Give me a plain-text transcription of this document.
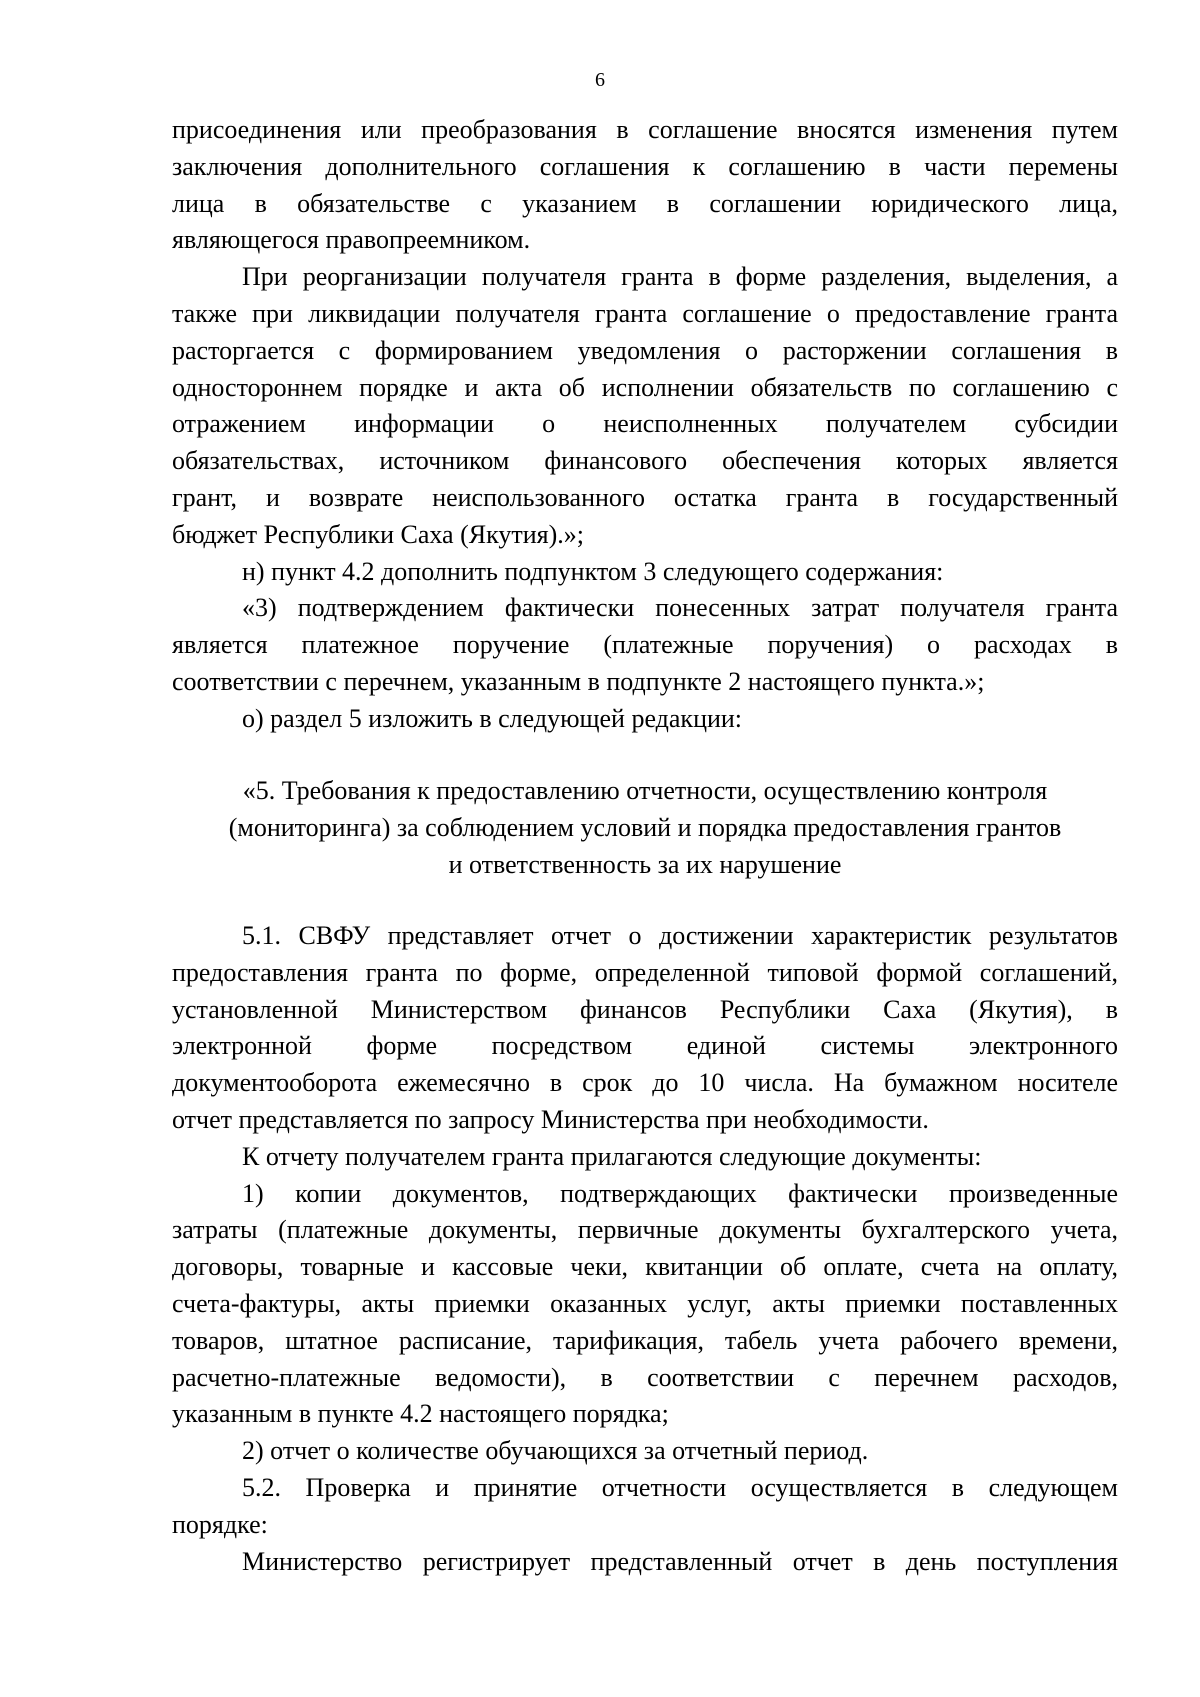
6
присоединения или преобразования в соглашение вносятся изменения путем
заключения дополнительного соглашения к соглашению в части перемены
лица в обязательстве с указанием в соглашении юридического лица,
являющегося правопреемником.
При реорганизации получателя гранта в форме разделения, выделения, а
также при ликвидации получателя гранта соглашение о предоставление гранта
расторгается с формированием уведомления о расторжении соглашения в
одностороннем порядке и акта об исполнении обязательств по соглашению с
отражением информации о неисполненных получателем субсидии
обязательствах, источником финансового обеспечения которых является
грант, и возврате неиспользованного остатка гранта в государственный
бюджет Республики Саха (Якутия).»;
н) пункт 4.2 дополнить подпунктом 3 следующего содержания:
«3) подтверждением фактически понесенных затрат получателя гранта
является платежное поручение (платежные поручения) о расходах в
соответствии с перечнем, указанным в подпункте 2 настоящего пункта.»;
о) раздел 5 изложить в следующей редакции:
«5. Требования к предоставлению отчетности, осуществлению контроля
(мониторинга) за соблюдением условий и порядка предоставления грантов
и ответственность за их нарушение
5.1. СВФУ представляет отчет о достижении характеристик результатов
предоставления гранта по форме, определенной типовой формой соглашений,
установленной Министерством финансов Республики Саха (Якутия), в
электронной форме посредством единой системы электронного
документооборота ежемесячно в срок до 10 числа. На бумажном носителе
отчет представляется по запросу Министерства при необходимости.
К отчету получателем гранта прилагаются следующие документы:
1) копии документов, подтверждающих фактически произведенные
затраты (платежные документы, первичные документы бухгалтерского учета,
договоры, товарные и кассовые чеки, квитанции об оплате, счета на оплату,
счета-фактуры, акты приемки оказанных услуг, акты приемки поставленных
товаров, штатное расписание, тарификация, табель учета рабочего времени,
расчетно-платежные ведомости), в соответствии с перечнем расходов,
указанным в пункте 4.2 настоящего порядка;
2) отчет о количестве обучающихся за отчетный период.
5.2. Проверка и принятие отчетности осуществляется в следующем
порядке:
Министерство регистрирует представленный отчет в день поступления
